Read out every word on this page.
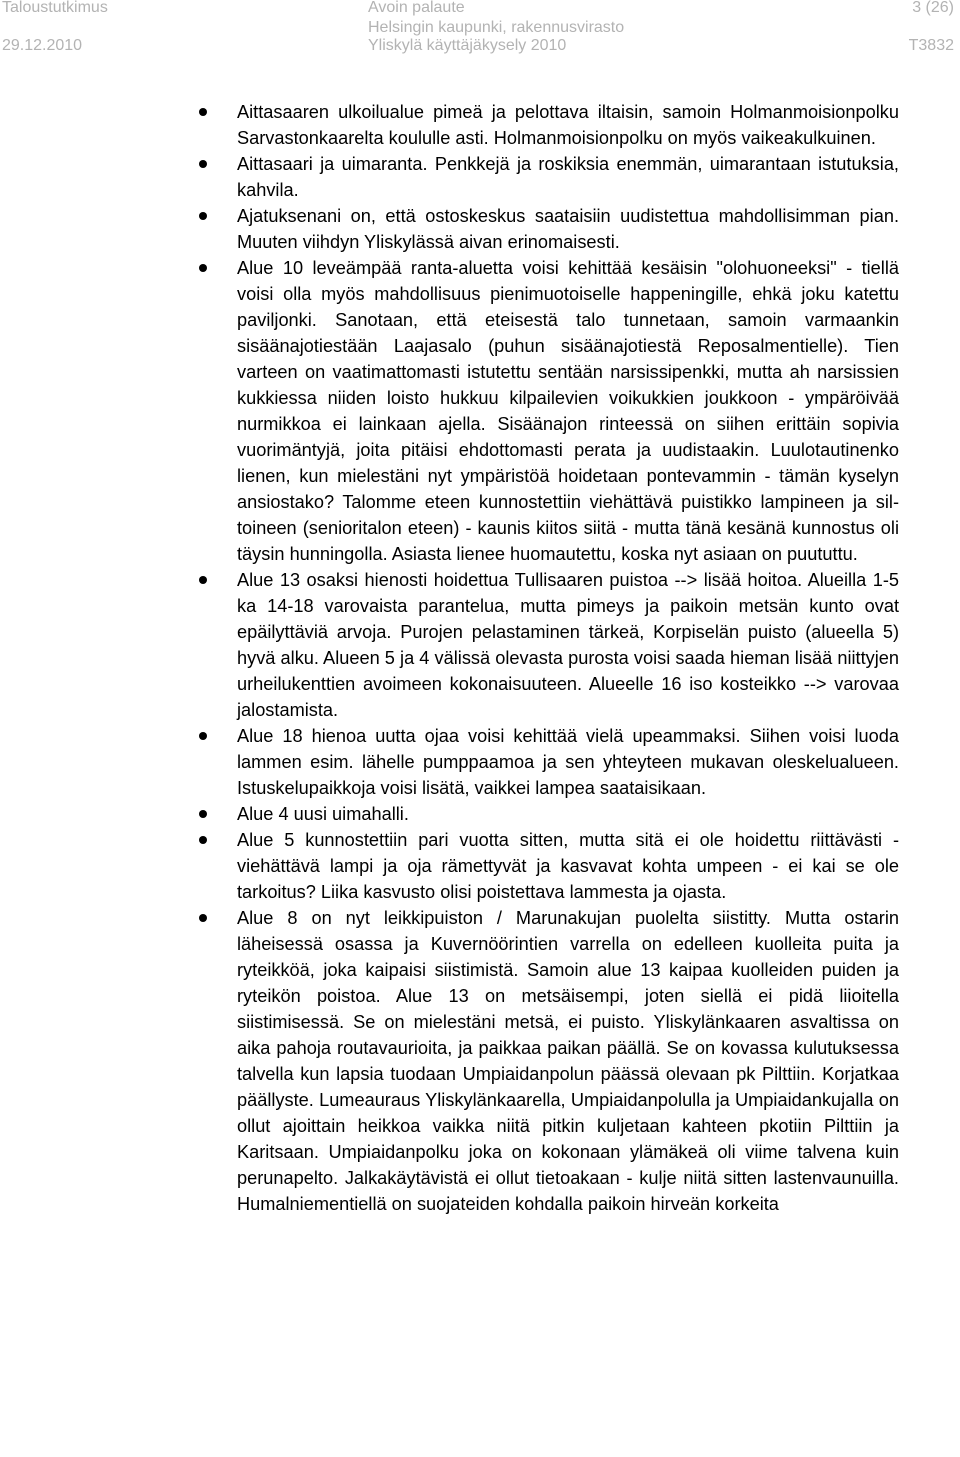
Taloustutkimus	Avoin palaute	3 (26)
Helsingin kaupunki, rakennusvirasto
29.12.2010	Yliskylä käyttäjäkysely 2010	T3832
Aittasaaren ulkoilualue pimeä ja pelottava iltaisin, samoin Holmanmoisionpolku Sarvastonkaarelta koululle asti. Holmanmoisionpolku on myös vaikeakulkuinen.
Aittasaari ja uimaranta. Penkkejä ja roskiksia enemmän, uimarantaan istutuksia, kahvila.
Ajatuksenani on, että ostoskeskus saataisiin uudistettua mahdollisimman pian. Muuten viihdyn Yliskylässä aivan erinomaisesti.
Alue 10 leveämpää ranta-aluetta voisi kehittää kesäisin "olohuoneeksi" - tiellä voisi olla myös mahdollisuus pienimuotoiselle happeningille, ehkä joku katettu paviljonki. Sanotaan, että eteisestä talo tunnetaan, samoin varmaankin sisäänajotiestään Laajasalo (puhun sisäänajotiestä Reposalmentielle). Tien varteen on vaatimattomasti istutettu sentään narsissipenkki, mutta ah narsissien kukkiessa niiden loisto hukkuu kilpailevien voikukkien joukkoon - ympäröivää nurmikkoa ei lainkaan ajella. Sisäänajon rinteessä on siihen erittäin sopivia vuorimäntyjä, joita pitäisi ehdottomasti perata ja uudistaakin. Luulotautinenko lienen, kun mielestäni nyt ympäristöä hoidetaan pontevammin - tämän kyselyn ansiostako? Talomme eteen kunnostettiin viehättävä puistikko lampineen ja siltoineen (senioritalon eteen) - kaunis kiitos siitä - mutta tänä kesänä kunnostus oli täysin hunningolla. Asiasta lienee huomautettu, koska nyt asiaan on puututtu.
Alue 13 osaksi hienosti hoidettua Tullisaaren puistoa --> lisää hoitoa. Alueilla 1-5 ka 14-18 varovaista parantelua, mutta pimeys ja paikoin metsän kunto ovat epäilyttäviä arvoja. Purojen pelastaminen tärkeä, Korpiselän puisto (alueella 5) hyvä alku. Alueen 5 ja 4 välissä olevasta purosta voisi saada hieman lisää niittyjen urheilukenttien avoimeen kokonaisuuteen. Alueelle 16 iso kosteikko --> varovaa jalostamista.
Alue 18 hienoa uutta ojaa voisi kehittää vielä upeammaksi. Siihen voisi luoda lammen esim. lähelle pumppaamoa ja sen yhteyteen mukavan oleskelualueen. Istuskelupaikkoja voisi lisätä, vaikkei lampea saataisikaan.
Alue 4 uusi uimahalli.
Alue 5 kunnostettiin pari vuotta sitten, mutta sitä ei ole hoidettu riittävästi - viehättävä lampi ja oja rämettyvät ja kasvavat kohta umpeen - ei kai se ole tarkoitus? Liika kasvusto olisi poistettava lammesta ja ojasta.
Alue 8 on nyt leikkipuiston / Marunakujan puolelta siistitty. Mutta ostarin läheisessä osassa ja Kuvernöörintien varrella on edelleen kuolleita puita ja ryteikköä, joka kaipaisi siistimistä. Samoin alue 13 kaipaa kuolleiden puiden ja ryteikön poistoa. Alue 13 on metsäisempi, joten siellä ei pidä liioitella siistimisessä. Se on mielestäni metsä, ei puisto. Yliskylänkaaren asvaltissa on aika pahoja routavaurioita, ja paikkaa paikan päällä. Se on kovassa kulutuksessa talvella kun lapsia tuodaan Umpiaidanpolun päässä olevaan pk Pilttiin. Korjatkaa päällyste. Lumeauraus Yliskylänkaarella, Umpiaidanpolulla ja Umpiaidankujalla on ollut ajoittain heikkoa vaikka niitä pitkin kuljetaan kahteen pkotiin Pilttiin ja Karitsaan. Umpiaidanpolku joka on kokonaan ylämäkeä oli viime talvena kuin perunapelto. Jalkakäytävistä ei ollut tietoakaan - kulje niitä sitten lastenvaunuilla. Humalniementiellä on suojateiden kohdalla paikoin hirveän korkeita
